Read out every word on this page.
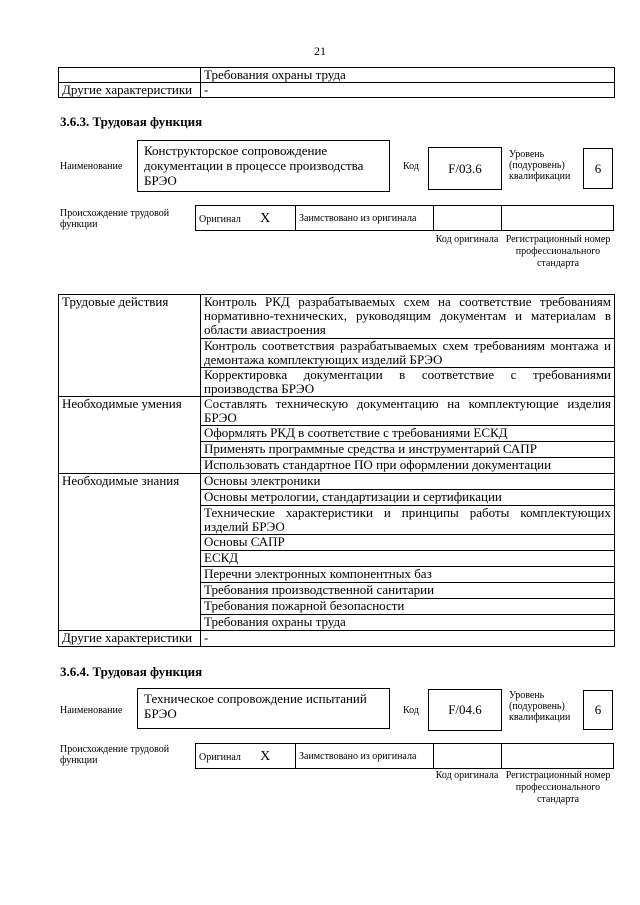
21
	Требования охраны труда
Другие характеристики	-
3.6.3. Трудовая функция
Наименование
Конструкторское сопровождение документации в процессе производства БРЭО
Код	F/03.6
Уровень (подуровень) квалификации
6
Происхождение трудовой функции	Оригинал X	Заимствовано из оригинала		
Код оригинала Регистрационный номер профессионального стандарта
Трудовые действия	Контроль РКД разрабатываемых схем на соответствие требованиям нормативно-технических, руководящим документам и материалам в области авиастроения
	Контроль соответствия разрабатываемых схем требованиям монтажа и демонтажа комплектующих изделий БРЭО
	Корректировка документации в соответствие с требованиями производства БРЭО
Необходимые умения	Составлять техническую документацию на комплектующие изделия БРЭО
	Оформлять РКД в соответствие с требованиями ЕСКД
	Применять программные средства и инструментарий САПР
	Использовать стандартное ПО при оформлении документации
Необходимые знания	Основы электроники
	Основы метрологии, стандартизации и сертификации
	Технические характеристики и принципы работы комплектующих изделий БРЭО
	Основы САПР
	ЕСКД
	Перечни электронных компонентных баз
	Требования производственной санитарии
	Требования пожарной безопасности
	Требования охраны труда
Другие характеристики	-
3.6.4. Трудовая функция
Наименование
Техническое сопровождение испытаний БРЭО	Код	F/04.6
Уровень (подуровень) квалификации
6
Происхождение трудовой функции	Оригинал X	Заимствовано из оригинала		
Код оригинала Регистрационный номер профессионального стандарта
